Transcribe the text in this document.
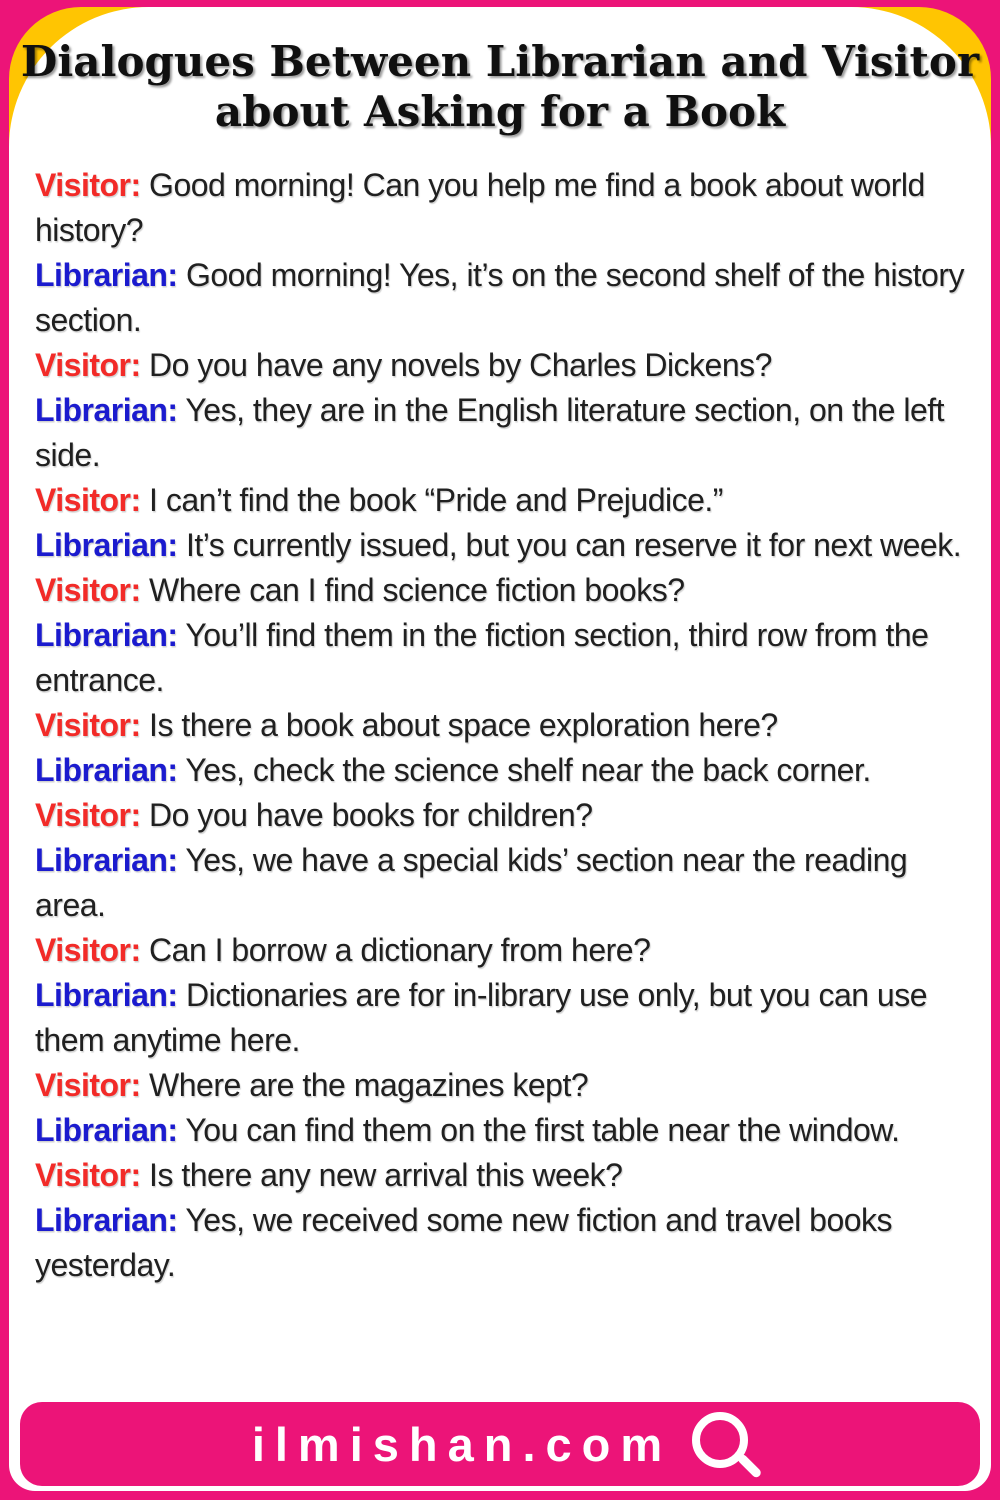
Dialogues Between Librarian and Visitor
about Asking for a Book

Visitor: Good morning! Can you help me find a book about world history?

Librarian: Good morning! Yes, it’s on the second shelf of the history section.

Visitor: Do you have any novels by Charles Dickens?

Librarian: Yes, they are in the English literature section, on the left side.

Visitor: I can’t find the book “Pride and Prejudice.”

Librarian: It’s currently issued, but you can reserve it for next week.

Visitor: Where can I find science fiction books?

Librarian: You’ll find them in the fiction section, third row from the entrance.

Visitor: Is there a book about space exploration here?

Librarian: Yes, check the science shelf near the back corner.

Visitor: Do you have books for children?

Librarian: Yes, we have a special kids’ section near the reading area.

Visitor: Can I borrow a dictionary from here?

Librarian: Dictionaries are for in-library use only, but you can use them anytime here.

Visitor: Where are the magazines kept?

Librarian: You can find them on the first table near the window.

Visitor: Is there any new arrival this week?

Librarian: Yes, we received some new fiction and travel books yesterday.

ilmishan.com
